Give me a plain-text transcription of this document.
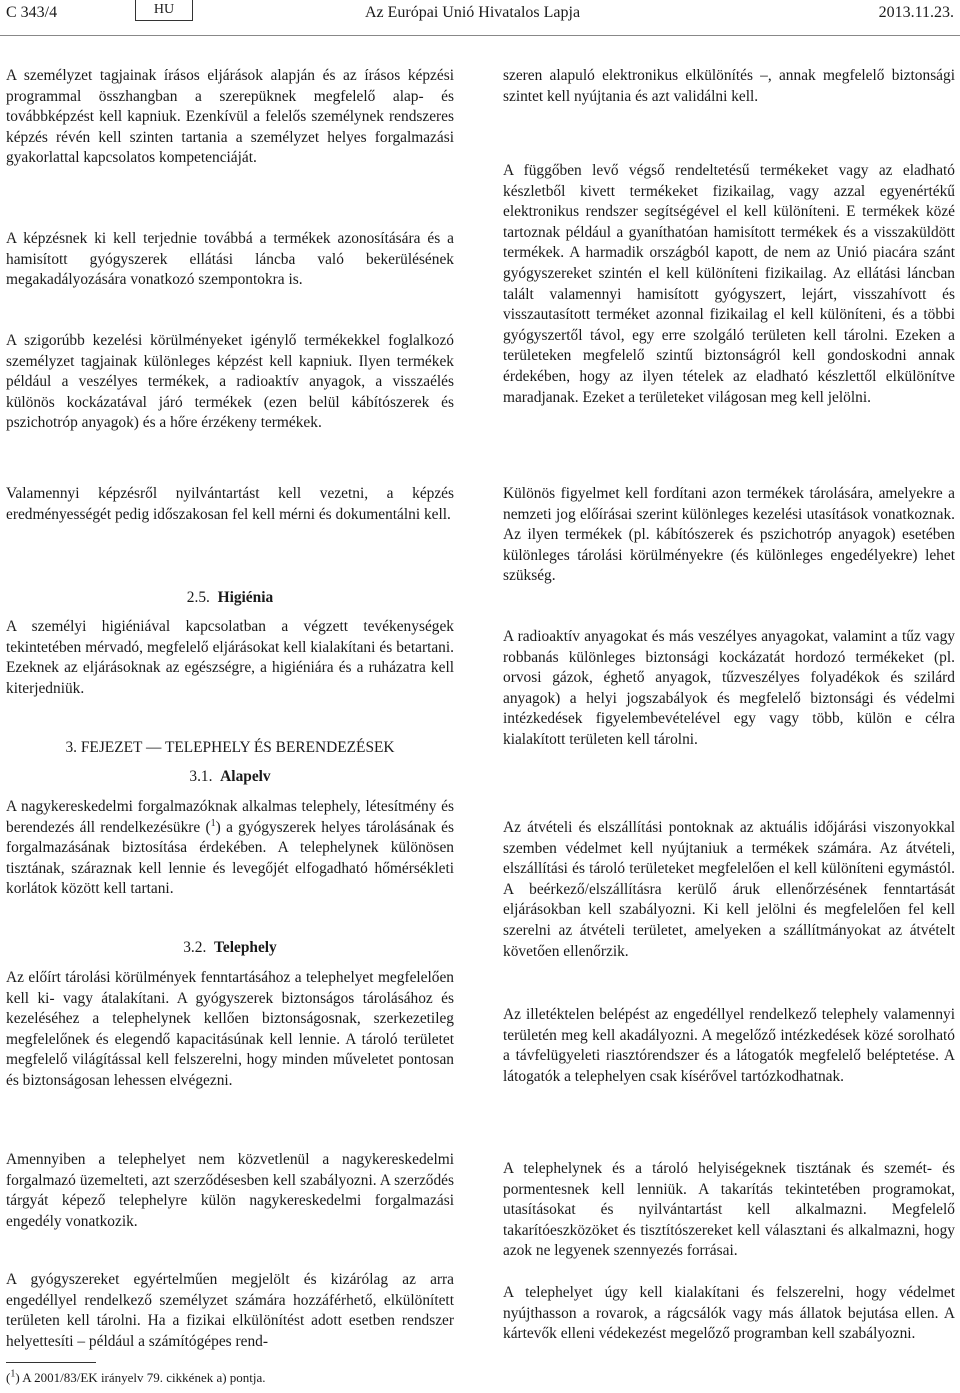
C 343/4	HU	Az Európai Unió Hivatalos Lapja	2013.11.23.

A személyzet tagjainak írásos eljárások alapján és az írásos képzési programmal összhangban a szerepüknek megfelelő alap- és továbbképzést kell kapniuk. Ezenkívül a felelős személynek rendszeres képzés révén kell szinten tartania a személyzet helyes forgalmazási gyakorlattal kapcsolatos kompetenciáját.

A képzésnek ki kell terjednie továbbá a termékek azonosítására és a hamisított gyógyszerek ellátási láncba való bekerülésének megakadályozására vonatkozó szempontokra is.

A szigorúbb kezelési körülményeket igénylő termékekkel foglalkozó személyzet tagjainak különleges képzést kell kapniuk. Ilyen termékek például a veszélyes termékek, a radioaktív anyagok, a visszaélés különös kockázatával járó termékek (ezen belül kábítószerek és pszichotróp anyagok) és a hőre érzékeny termékek.

Valamennyi képzésről nyilvántartást kell vezetni, a képzés eredményességét pedig időszakosan fel kell mérni és dokumentálni kell.

2.5. Higiénia

A személyi higiéniával kapcsolatban a végzett tevékenységek tekintetében mérvadó, megfelelő eljárásokat kell kialakítani és betartani. Ezeknek az eljárásoknak az egészségre, a higiéniára és a ruházatra kell kiterjedniük.

3. FEJEZET — TELEPHELY ÉS BERENDEZÉSEK
3.1. Alapelv

A nagykereskedelmi forgalmazóknak alkalmas telephely, létesítmény és berendezés áll rendelkezésükre ($^1$) a gyógyszerek helyes tárolásának és forgalmazásának biztosítása érdekében. A telephelynek különösen tisztának, száraznak kell lennie és levegőjét elfogadható hőmérsékleti korlátok között kell tartani.

3.2. Telephely

Az előírt tárolási körülmények fenntartásához a telephelyet megfelelően kell ki- vagy átalakítani. A gyógyszerek biztonságos tárolásához és kezeléséhez a telephelynek kellően biztonságosnak, szerkezetileg megfelelőnek és elegendő kapacitásúnak kell lennie. A tároló területet megfelelő világítással kell felszerelni, hogy minden műveletet pontosan és biztonságosan lehessen elvégezni.

Amennyiben a telephelyet nem közvetlenül a nagykereskedelmi forgalmazó üzemelteti, azt szerződésesben kell szabályozni. A szerződés tárgyát képező telephelyre külön nagykereskedelmi forgalmazási engedély vonatkozik.

A gyógyszereket egyértelműen megjelölt és kizárólag az arra engedéllyel rendelkező személyzet számára hozzáférhető, elkülönített területen kell tárolni. Ha a fizikai elkülönítést adott esetben rendszer helyettesíti – például a számítógépes rend-

szeren alapuló elektronikus elkülönítés –, annak megfelelő biztonsági szintet kell nyújtania és azt validálni kell.

A függőben levő végső rendeltetésű termékeket vagy az eladható készletből kivett termékeket fizikailag, vagy azzal egyenértékű elektronikus rendszer segítségével el kell különíteni. E termékek közé tartoznak például a gyaníthatóan hamisított termékek és a visszaküldött termékek. A harmadik országból kapott, de nem az Unió piacára szánt gyógyszereket szintén el kell különíteni fizikailag. Az ellátási láncban talált valamennyi hamisított gyógyszert, lejárt, visszahívott és visszautasított terméket azonnal fizikailag el kell különíteni, és a többi gyógyszertől távol, egy erre szolgáló területen kell tárolni. Ezeken a területeken megfelelő szintű biztonságról kell gondoskodni annak érdekében, hogy az ilyen tételek az eladható készlettől elkülönítve maradjanak. Ezeket a területeket világosan meg kell jelölni.

Különös figyelmet kell fordítani azon termékek tárolására, amelyekre a nemzeti jog előírásai szerint különleges kezelési utasítások vonatkoznak. Az ilyen termékek (pl. kábítószerek és pszichotróp anyagok) esetében különleges tárolási körülményekre (és különleges engedélyekre) lehet szükség.

A radioaktív anyagokat és más veszélyes anyagokat, valamint a tűz vagy robbanás különleges biztonsági kockázatát hordozó termékeket (pl. orvosi gázok, éghető anyagok, tűzveszélyes folyadékok és szilárd anyagok) a helyi jogszabályok és megfelelő biztonsági és védelmi intézkedések figyelembevételével egy vagy több, külön e célra kialakított területen kell tárolni.

Az átvételi és elszállítási pontoknak az aktuális időjárási viszonyokkal szemben védelmet kell nyújtaniuk a termékek számára. Az átvételi, elszállítási és tároló területeket megfelelően el kell különíteni egymástól. A beérkező/elszállításra kerülő áruk ellenőrzésének fenntartását eljárásokban kell szabályozni. Ki kell jelölni és megfelelően fel kell szerelni az átvételi területet, amelyeken a szállítmányokat az átvételt követően ellenőrzik.

Az illetéktelen belépést az engedéllyel rendelkező telephely valamennyi területén meg kell akadályozni. A megelőző intézkedések közé sorolható a távfelügyeleti riasztórendszer és a látogatók megfelelő beléptetése. A látogatók a telephelyen csak kísérővel tartózkodhatnak.

A telephelynek és a tároló helyiségeknek tisztának és szemét- és pormentesnek kell lenniük. A takarítás tekintetében programokat, utasításokat és nyilvántartást kell alkalmazni. Megfelelő takarítóeszközöket és tisztítószereket kell választani és alkalmazni, hogy azok ne legyenek szennyezés forrásai.

A telephelyet úgy kell kialakítani és felszerelni, hogy védelmet nyújthasson a rovarok, a rágcsálók vagy más állatok bejutása ellen. A kártevők elleni védekezést megelőző programban kell szabályozni.

($^1$) A 2001/83/EK irányelv 79. cikkének a) pontja.
